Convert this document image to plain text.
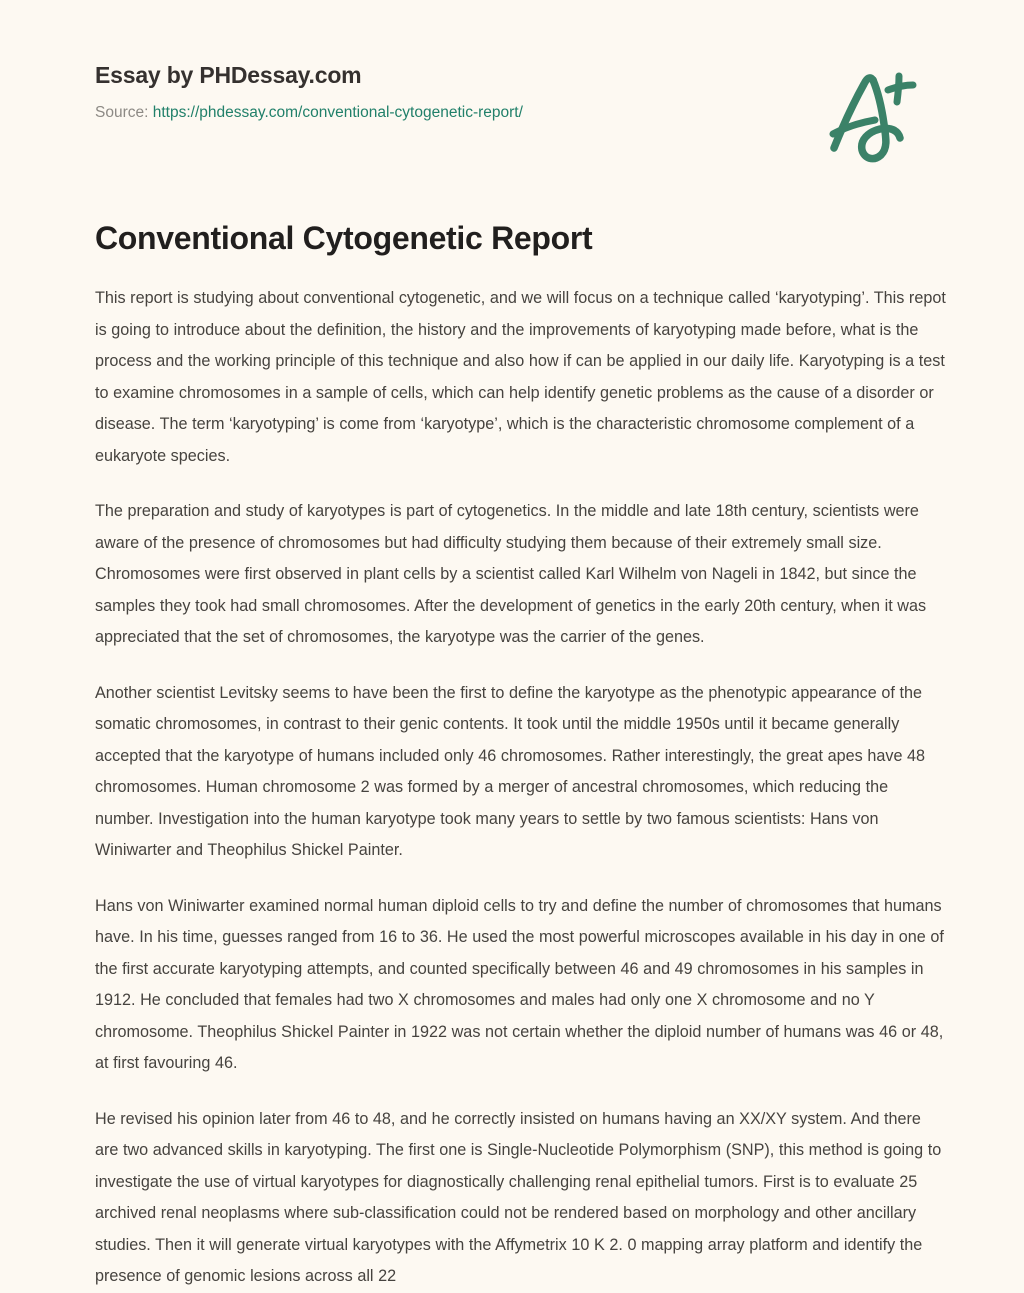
Essay by PHDessay.com
Source: https://phdessay.com/conventional-cytogenetic-report/
Conventional Cytogenetic Report

This report is studying about conventional cytogenetic, and we will focus on a technique called ‘karyotyping’. This repot is going to introduce about the definition, the history and the improvements of karyotyping made before, what is the process and the working principle of this technique and also how if can be applied in our daily life. Karyotyping is a test to examine chromosomes in a sample of cells, which can help identify genetic problems as the cause of a disorder or disease. The term ‘karyotyping’ is come from ‘karyotype’, which is the characteristic chromosome complement of a eukaryote species.

The preparation and study of karyotypes is part of cytogenetics. In the middle and late 18th century, scientists were aware of the presence of chromosomes but had difficulty studying them because of their extremely small size. Chromosomes were first observed in plant cells by a scientist called Karl Wilhelm von Nageli in 1842, but since the samples they took had small chromosomes. After the development of genetics in the early 20th century, when it was appreciated that the set of chromosomes, the karyotype was the carrier of the genes.

Another scientist Levitsky seems to have been the first to define the karyotype as the phenotypic appearance of the somatic chromosomes, in contrast to their genic contents. It took until the middle 1950s until it became generally accepted that the karyotype of humans included only 46 chromosomes. Rather interestingly, the great apes have 48 chromosomes. Human chromosome 2 was formed by a merger of ancestral chromosomes, which reducing the number. Investigation into the human karyotype took many years to settle by two famous scientists: Hans von Winiwarter and Theophilus Shickel Painter.

Hans von Winiwarter examined normal human diploid cells to try and define the number of chromosomes that humans have. In his time, guesses ranged from 16 to 36. He used the most powerful microscopes available in his day in one of the first accurate karyotyping attempts, and counted specifically between 46 and 49 chromosomes in his samples in 1912. He concluded that females had two X chromosomes and males had only one X chromosome and no Y chromosome. Theophilus Shickel Painter in 1922 was not certain whether the diploid number of humans was 46 or 48, at first favouring 46.

He revised his opinion later from 46 to 48, and he correctly insisted on humans having an XX/XY system. And there are two advanced skills in karyotyping. The first one is Single-Nucleotide Polymorphism (SNP), this method is going to investigate the use of virtual karyotypes for diagnostically challenging renal epithelial tumors. First is to evaluate 25 archived renal neoplasms where sub-classification could not be rendered based on morphology and other ancillary studies. Then it will generate virtual karyotypes with the Affymetrix 10 K 2. 0 mapping array platform and identify the presence of genomic lesions across all 22
